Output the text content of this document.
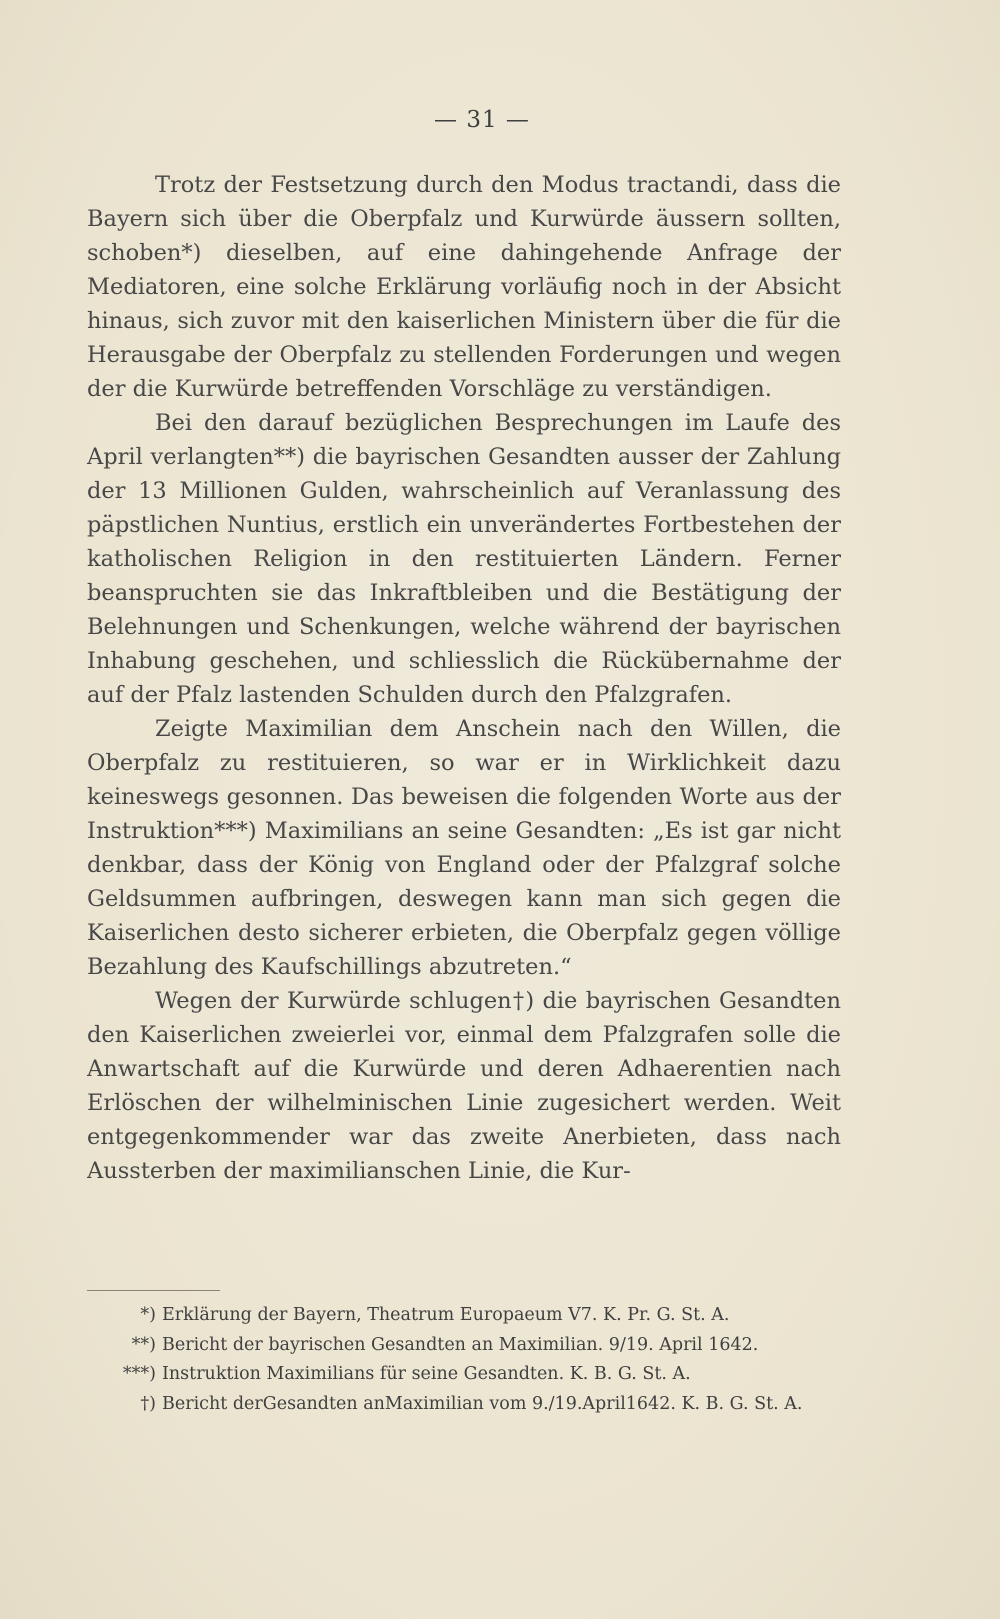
— 31 —

Trotz der Festsetzung durch den Modus tractandi, dass die Bayern sich über die Oberpfalz und Kurwürde äussern sollten, schoben*) dieselben, auf eine dahingehende Anfrage der Mediatoren, eine solche Erklärung vorläufig noch in der Absicht hinaus, sich zuvor mit den kaiserlichen Ministern über die für die Herausgabe der Oberpfalz zu stellenden Forderungen und wegen der die Kurwürde betreffenden Vorschläge zu verständigen.

Bei den darauf bezüglichen Besprechungen im Laufe des April verlangten**) die bayrischen Gesandten ausser der Zahlung der 13 Millionen Gulden, wahrscheinlich auf Veranlassung des päpstlichen Nuntius, erstlich ein unverändertes Fortbestehen der katholischen Religion in den restituierten Ländern. Ferner beanspruchten sie das Inkraftbleiben und die Bestätigung der Belehnungen und Schenkungen, welche während der bayrischen Inhabung geschehen, und schliesslich die Rückübernahme der auf der Pfalz lastenden Schulden durch den Pfalzgrafen.

Zeigte Maximilian dem Anschein nach den Willen, die Oberpfalz zu restituieren, so war er in Wirklichkeit dazu keineswegs gesonnen. Das beweisen die folgenden Worte aus der Instruktion***) Maximilians an seine Gesandten: „Es ist gar nicht denkbar, dass der König von England oder der Pfalzgraf solche Geldsummen aufbringen, deswegen kann man sich gegen die Kaiserlichen desto sicherer erbieten, die Oberpfalz gegen völlige Bezahlung des Kaufschillings abzutreten.“

Wegen der Kurwürde schlugen†) die bayrischen Gesandten den Kaiserlichen zweierlei vor, einmal dem Pfalzgrafen solle die Anwartschaft auf die Kurwürde und deren Adhaerentien nach Erlöschen der wilhelminischen Linie zugesichert werden. Weit entgegenkommender war das zweite Anerbieten, dass nach Aussterben der maximilianschen Linie, die Kur-

*) Erklärung der Bayern, Theatrum Europaeum V7. K. Pr. G. St. A.
**) Bericht der bayrischen Gesandten an Maximilian. 9/19. April 1642.
***) Instruktion Maximilians für seine Gesandten. K. B. G. St. A.
†) Bericht derGesandten anMaximilian vom 9./19.April1642. K. B. G. St. A.
